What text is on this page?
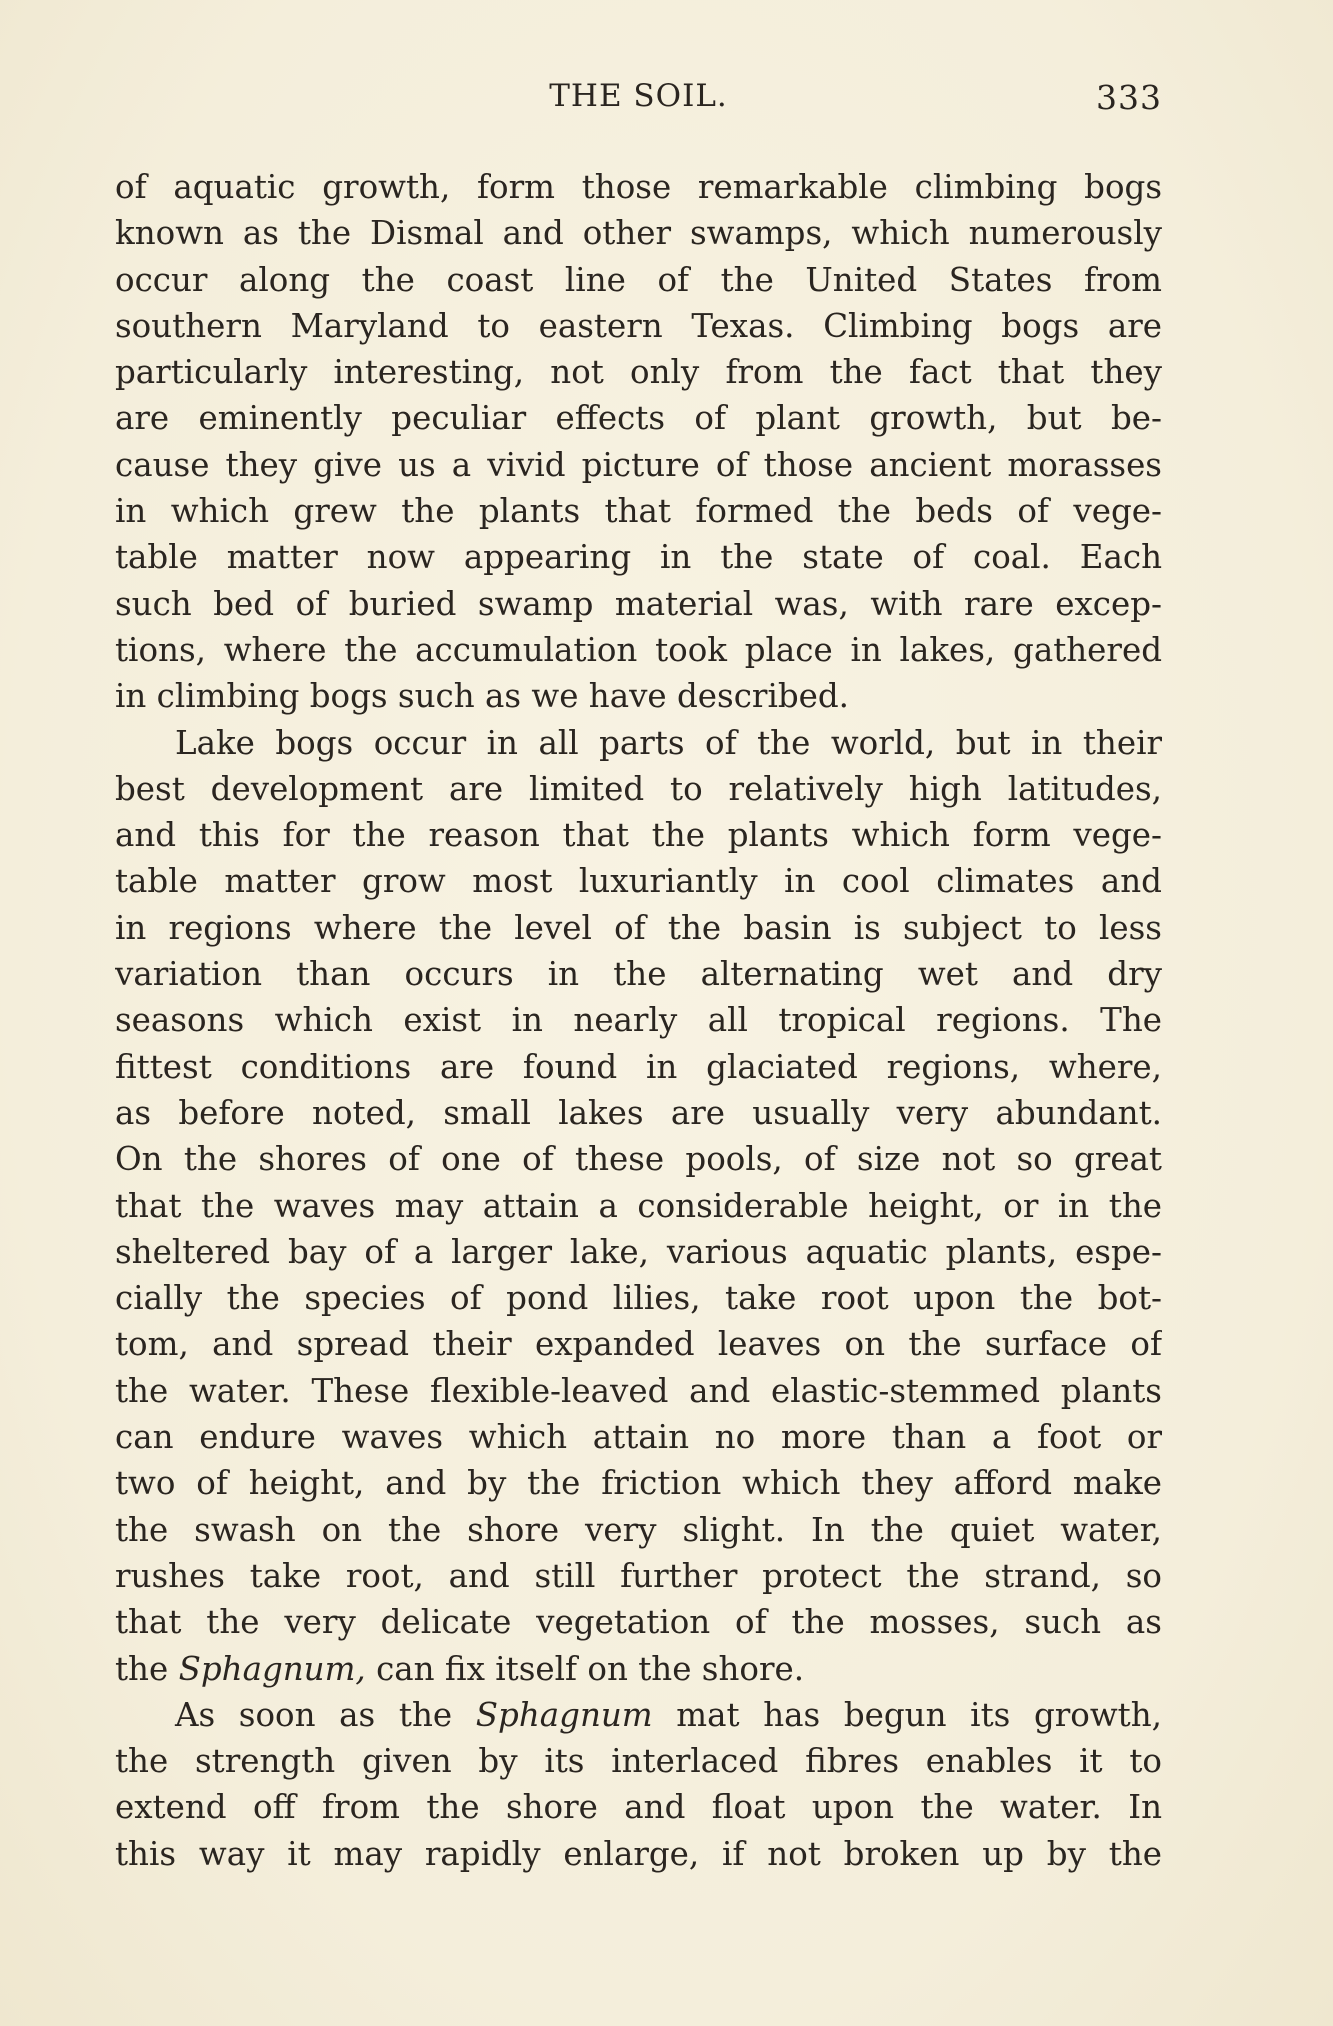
THE SOIL.	333
of aquatic growth, form those remarkable climbing bogs
known as the Dismal and other swamps, which numerously
occur along the coast line of the United States from
southern Maryland to eastern Texas. Climbing bogs are
particularly interesting, not only from the fact that they
are eminently peculiar effects of plant growth, but be-
cause they give us a vivid picture of those ancient morasses
in which grew the plants that formed the beds of vege-
table matter now appearing in the state of coal. Each
such bed of buried swamp material was, with rare excep-
tions, where the accumulation took place in lakes, gathered
in climbing bogs such as we have described.
Lake bogs occur in all parts of the world, but in their
best development are limited to relatively high latitudes,
and this for the reason that the plants which form vege-
table matter grow most luxuriantly in cool climates and
in regions where the level of the basin is subject to less
variation than occurs in the alternating wet and dry
seasons which exist in nearly all tropical regions. The
fittest conditions are found in glaciated regions, where,
as before noted, small lakes are usually very abundant.
On the shores of one of these pools, of size not so great
that the waves may attain a considerable height, or in the
sheltered bay of a larger lake, various aquatic plants, espe-
cially the species of pond lilies, take root upon the bot-
tom, and spread their expanded leaves on the surface of
the water. These flexible-leaved and elastic-stemmed plants
can endure waves which attain no more than a foot or
two of height, and by the friction which they afford make
the swash on the shore very slight. In the quiet water,
rushes take root, and still further protect the strand, so
that the very delicate vegetation of the mosses, such as
the Sphagnum, can fix itself on the shore.
As soon as the Sphagnum mat has begun its growth,
the strength given by its interlaced fibres enables it to
extend off from the shore and float upon the water. In
this way it may rapidly enlarge, if not broken up by the
